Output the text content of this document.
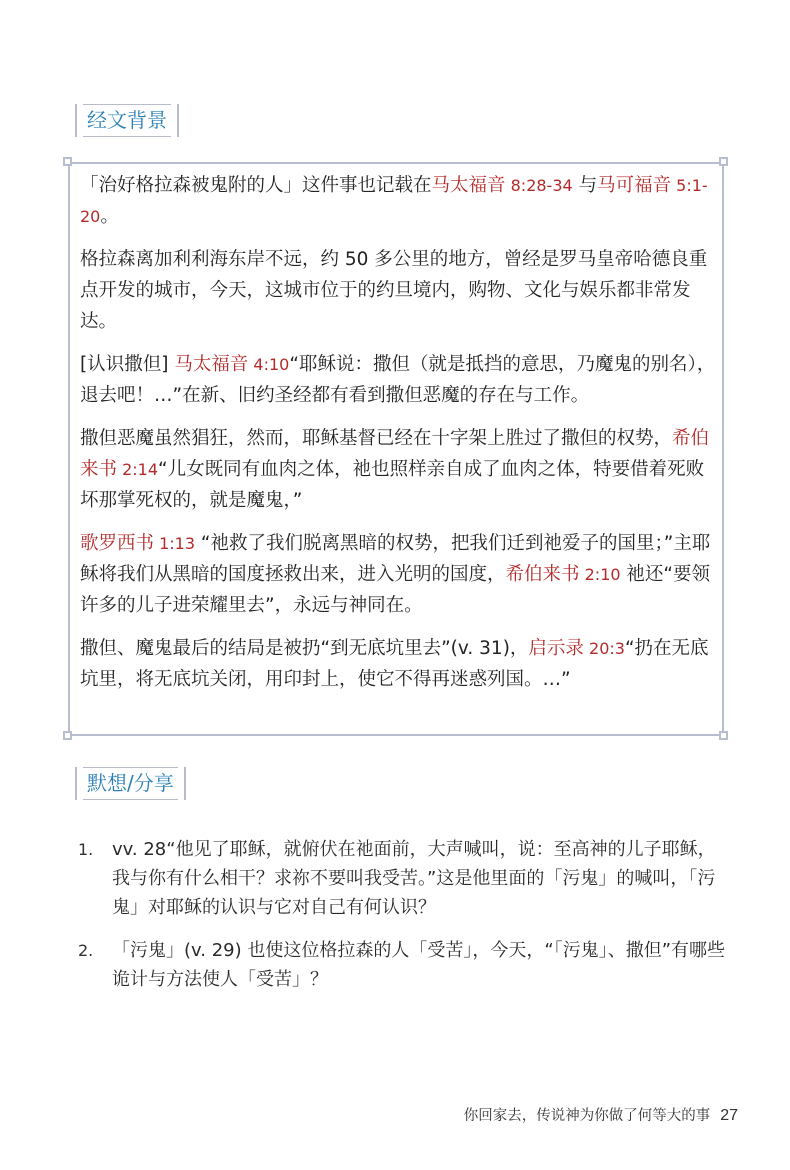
经文背景

「治好格拉森被鬼附的人」这件事也记载在马太福音 8:28-34 与马可福音 5:1-20。

格拉森离加利利海东岸不远，约 50 多公里的地方，曾经是罗马皇帝哈德良重点开发的城市，今天，这城市位于的约旦境内，购物、文化与娱乐都非常发达。

[认识撒但] 马太福音 4:10“耶稣说：撒但（就是抵挡的意思，乃魔鬼的别名），退去吧！…”在新、旧约圣经都有看到撒但恶魔的存在与工作。

撒但恶魔虽然猖狂，然而，耶稣基督已经在十字架上胜过了撒但的权势，希伯来书 2:14“儿女既同有血肉之体，祂也照样亲自成了血肉之体，特要借着死败坏那掌死权的，就是魔鬼，”

歌罗西书 1:13 “祂救了我们脱离黑暗的权势，把我们迁到祂爱子的国里；”主耶稣将我们从黑暗的国度拯救出来，进入光明的国度，希伯来书 2:10 祂还“要领许多的儿子进荣耀里去”，永远与神同在。

撒但、魔鬼最后的结局是被扔“到无底坑里去”(v. 31)，启示录 20:3“扔在无底坑里，将无底坑关闭，用印封上，使它不得再迷惑列国。…”

默想/分享
1.	vv. 28“他见了耶稣，就俯伏在祂面前，大声喊叫，说：至高神的儿子耶稣，我与你有什么相干？求祢不要叫我受苦。”这是他里面的「污鬼」的喊叫，「污鬼」对耶稣的认识与它对自己有何认识？
2.	「污鬼」(v. 29) 也使这位格拉森的人「受苦」，今天，“「污鬼」、撒但”有哪些诡计与方法使人「受苦」？
你回家去，传说神为你做了何等大的事 27
